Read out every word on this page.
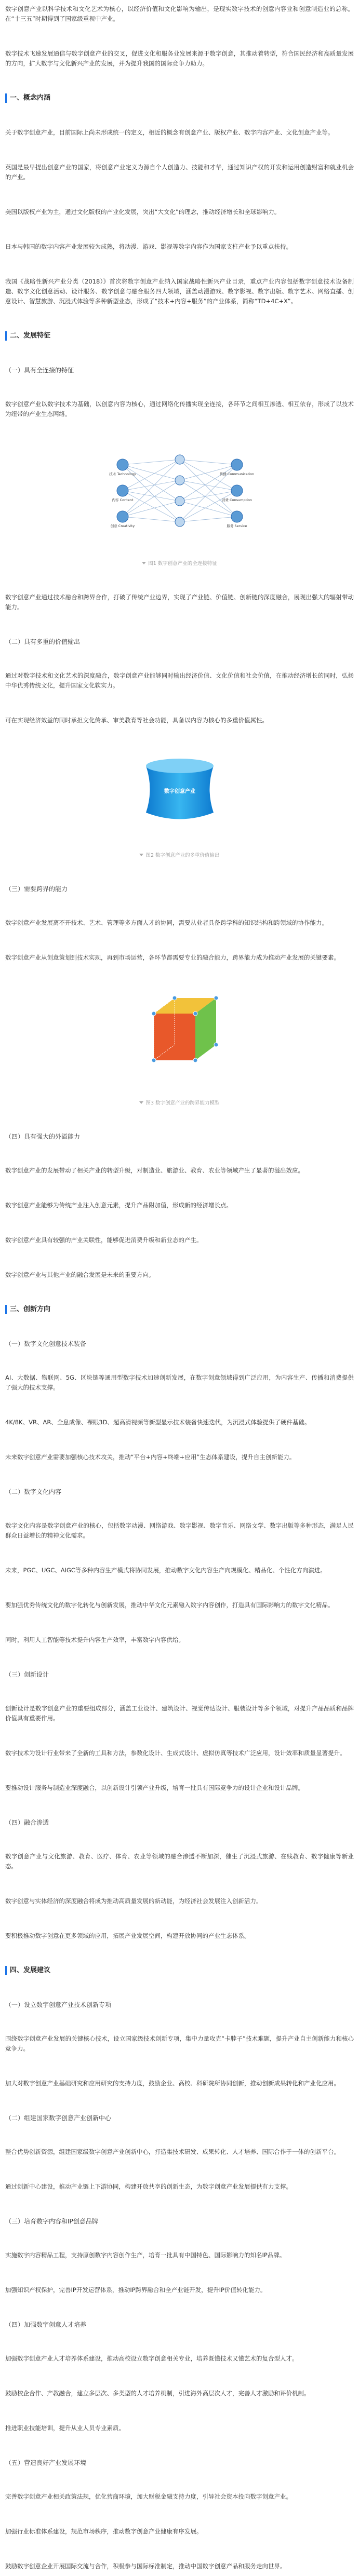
数字创意产业以科学技术和文化艺术为核心，以经济价值和文化影响为输出，是现实数字技术的创意内容业和创意制造业的总称。在“十三五”时期得到了国家级重视中产业。

数字技术飞速发展通信与数字创意产业的交叉，促进文化和服务业发展来源于数字创意，其推动着转型，符合国民经济和高质量发展的方向，扩大数字与文化新兴产业的发展，并为提升我国的国际竞争力助力。

一、概念内涵

关于数字创意产业，目前国际上尚未形成统一的定义，相近的概念有创意产业、版权产业、数字内容产业、文化创意产业等。

英国是最早提出创意产业的国家，将创意产业定义为源自个人创造力、技能和才华，通过知识产权的开发和运用创造财富和就业机会的产业。

美国以版权产业为主，通过文化版权的产业化发展，突出“大文化”的理念，推动经济增长和全球影响力。

日本与韩国的数字内容产业发展较为成熟，将动漫、游戏、影视等数字内容作为国家支柱产业予以重点扶持。

我国《战略性新兴产业分类（2018）》首次将数字创意产业纳入国家战略性新兴产业目录，重点产业内容包括数字创意技术设备制造、数字文化创意活动、设计服务、数字创意与融合服务四大领域，涵盖动漫游戏、数字影视、数字出版、数字艺术、网络直播、创意设计、智慧旅游、沉浸式体验等多种新型业态，形成了“技术+内容+服务”的产业体系，简称“TD+4C+X”。

二、发展特征
（一）具有全连接的特征

数字创意产业以数字技术为基础，以创意内容为核心，通过网络化传播实现全连接，各环节之间相互渗透、相互依存，形成了以技术为纽带的产业生态网络。

技术 Technology
内容 Content
创意 Creativity
传播 Communication
消费 Consumption
服务 Service
图1 数字创意产业的全连接特征

数字创意产业通过技术融合和跨界合作，打破了传统产业边界，实现了产业链、价值链、创新链的深度融合，展现出强大的辐射带动能力。

（二）具有多重的价值输出

通过对数字技术和文化艺术的深度融合，数字创意产业能够同时输出经济价值、文化价值和社会价值，在推动经济增长的同时，弘扬中华优秀传统文化，提升国家文化软实力。

可在实现经济效益的同时承担文化传承、审美教育等社会功能，具备以内容为核心的多重价值属性。

数字创意产业
图2 数字创意产业的多重价值输出
（三）需要跨界的能力

数字创意产业发展离不开技术、艺术、管理等多方面人才的协同，需要从业者具备跨学科的知识结构和跨领域的协作能力。

数字创意产业从创意策划到技术实现，再到市场运营，各环节都需要专业的融合能力，跨界能力成为推动产业发展的关键要素。

图3 数字创意产业的跨界能力模型
（四）具有强大的外溢能力

数字创意产业的发展带动了相关产业的转型升级，对制造业、旅游业、教育、农业等领域产生了显著的溢出效应。

数字创意产业能够为传统产业注入创意元素，提升产品附加值，形成新的经济增长点。

数字创意产业具有较强的产业关联性，能够促进消费升级和新业态的产生。

数字创意产业与其他产业的融合发展是未来的重要方向。

三、创新方向
（一）数字文化创意技术装备

AI、大数据、物联网、5G、区块链等通用型数字技术加速创新发展，在数字创意领域得到广泛应用，为内容生产、传播和消费提供了强大的技术支撑。

4K/8K、VR、AR、全息成像、裸眼3D、超高清视频等新型显示技术装备快速迭代，为沉浸式体验提供了硬件基础。

未来数字创意产业需要加强核心技术攻关，推动“平台+内容+终端+应用”生态体系建设，提升自主创新能力。

（二）数字文化内容

数字文化内容是数字创意产业的核心，包括数字动漫、网络游戏、数字影视、数字音乐、网络文学、数字出版等多种形态，满足人民群众日益增长的精神文化需求。

未来，PGC、UGC、AIGC等多种内容生产模式将协同发展，推动数字文化内容生产向规模化、精品化、个性化方向演进。

要加强优秀传统文化的数字化转化与创新发展，推动中华文化元素融入数字内容创作，打造具有国际影响力的数字文化精品。

同时，利用人工智能等技术提升内容生产效率，丰富数字内容供给。

（三）创新设计

创新设计是数字创意产业的重要组成部分，涵盖工业设计、建筑设计、视觉传达设计、服装设计等多个领域，对提升产品品质和品牌价值具有重要作用。

数字技术为设计行业带来了全新的工具和方法，参数化设计、生成式设计、虚拟仿真等技术广泛应用，设计效率和质量显著提升。

要推动设计服务与制造业深度融合，以创新设计引领产业升级，培育一批具有国际竞争力的设计企业和设计品牌。

（四）融合渗透

数字创意产业与文化旅游、教育、医疗、体育、农业等领域的融合渗透不断加深，催生了沉浸式旅游、在线教育、数字健康等新业态。

数字创意与实体经济的深度融合将成为推动高质量发展的新动能，为经济社会发展注入创新活力。

要积极推动数字创意在更多领域的应用，拓展产业发展空间，构建开放协同的产业生态体系。

四、发展建议
（一）设立数字创意产业技术创新专项

围绕数字创意产业发展的关键核心技术，设立国家级技术创新专项，集中力量攻克“卡脖子”技术难题，提升产业自主创新能力和核心竞争力。

加大对数字创意产业基础研究和应用研究的支持力度，鼓励企业、高校、科研院所协同创新，推动创新成果转化和产业化应用。

（二）组建国家数字创意产业创新中心

整合优势创新资源，组建国家级数字创意产业创新中心，打造集技术研发、成果转化、人才培养、国际合作于一体的创新平台。

通过创新中心建设，推动产业链上下游协同，构建开放共享的创新生态，为数字创意产业发展提供有力支撑。

（三）培育数字内容和IP创意品牌

实施数字内容精品工程，支持原创数字内容创作生产，培育一批具有中国特色、国际影响力的知名IP品牌。

加强知识产权保护，完善IP开发运营体系，推动IP跨界融合和全产业链开发，提升IP价值转化能力。

（四）加强数字创意人才培养

加强数字创意产业人才培养体系建设，推动高校设立数字创意相关专业，培养既懂技术又懂艺术的复合型人才。

鼓励校企合作、产教融合，建立多层次、多类型的人才培养机制，引进海外高层次人才，完善人才激励和评价机制。

推进职业技能培训，提升从业人员专业素质。

（五）营造良好产业发展环境

完善数字创意产业相关政策法规，优化营商环境，加大财税金融支持力度，引导社会资本投向数字创意产业。

加强行业标准体系建设，规范市场秩序，推动数字创意产业健康有序发展。

鼓励数字创意企业开展国际交流与合作，积极参与国际标准制定，推动中国数字创意产品和服务走向世界。
